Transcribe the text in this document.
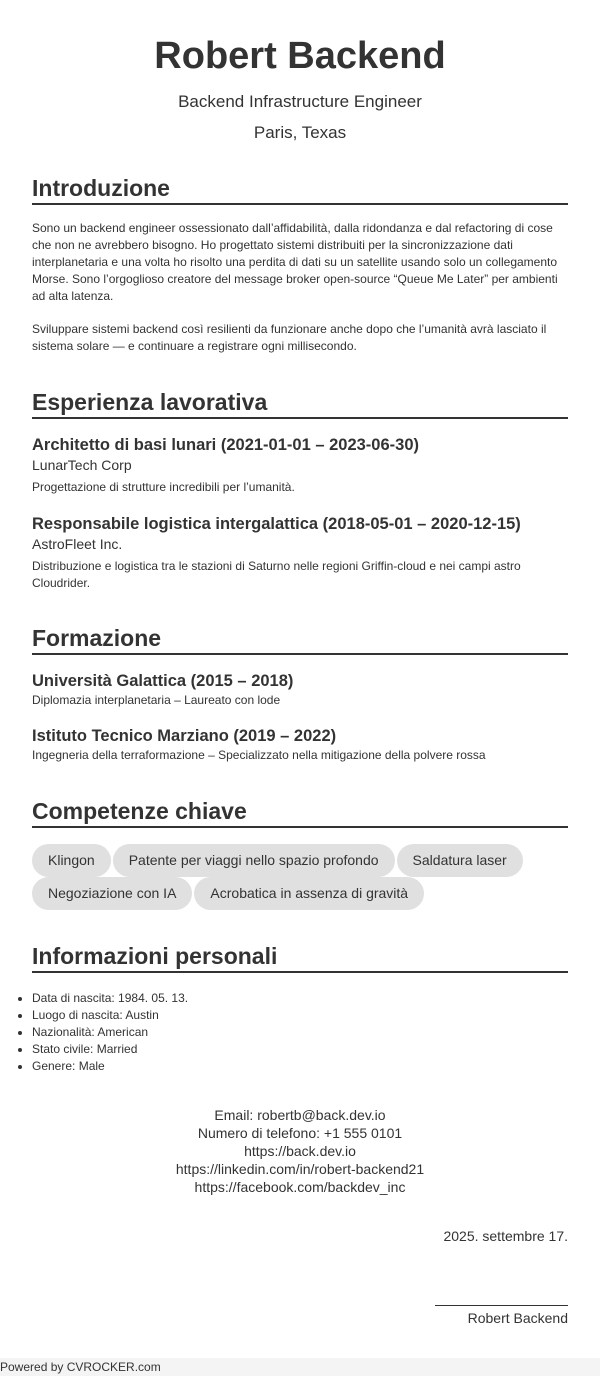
Robert Backend
Backend Infrastructure Engineer
Paris, Texas
Introduzione

Sono un backend engineer ossessionato dall’affidabilità, dalla ridondanza e dal refactoring di cose che non ne avrebbero bisogno. Ho progettato sistemi distribuiti per la sincronizzazione dati interplanetaria e una volta ho risolto una perdita di dati su un satellite usando solo un collegamento Morse. Sono l’orgoglioso creatore del message broker open-source “Queue Me Later” per ambienti ad alta latenza.

Sviluppare sistemi backend così resilienti da funzionare anche dopo che l’umanità avrà lasciato il sistema solare — e continuare a registrare ogni millisecondo.

Esperienza lavorativa
Architetto di basi lunari (2021-01-01 – 2023-06-30)
LunarTech Corp

Progettazione di strutture incredibili per l’umanità.

Responsabile logistica intergalattica (2018-05-01 – 2020-12-15)
AstroFleet Inc.

Distribuzione e logistica tra le stazioni di Saturno nelle regioni Griffin-cloud e nei campi astro Cloudrider.

Formazione
Università Galattica (2015 – 2018)

Diplomazia interplanetaria – Laureato con lode

Istituto Tecnico Marziano (2019 – 2022)

Ingegneria della terraformazione – Specializzato nella mitigazione della polvere rossa

Competenze chiave
Klingon	Patente per viaggi nello spazio profondo	Saldatura laser
Negoziazione con IA	Acrobatica in assenza di gravità
Informazioni personali
Data di nascita: 1984. 05. 13.
Luogo di nascita: Austin
Nazionalità: American
Stato civile: Married
Genere: Male
Email: robertb@back.dev.io
Numero di telefono: +1 555 0101
https://back.dev.io
https://linkedin.com/in/robert-backend21
https://facebook.com/backdev_inc
2025. settembre 17.
Robert Backend
Powered by CVROCKER.com
